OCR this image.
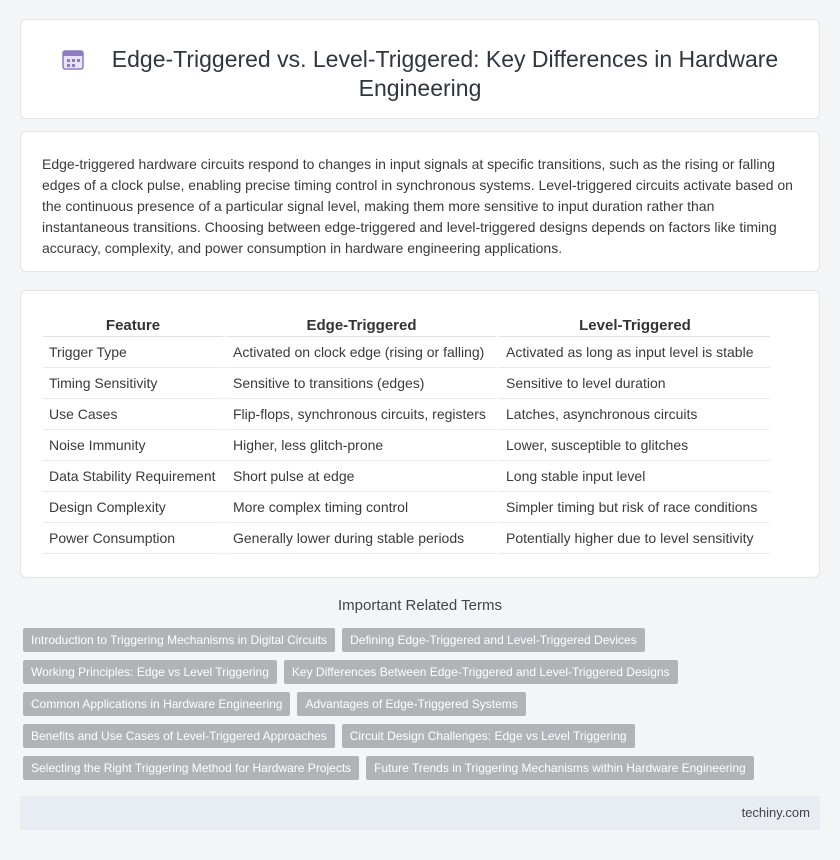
Edge-Triggered vs. Level-Triggered: Key Differences in Hardware Engineering

Edge-triggered hardware circuits respond to changes in input signals at specific transitions, such as the rising or falling edges of a clock pulse, enabling precise timing control in synchronous systems. Level-triggered circuits activate based on the continuous presence of a particular signal level, making them more sensitive to input duration rather than instantaneous transitions. Choosing between edge-triggered and level-triggered designs depends on factors like timing accuracy, complexity, and power consumption in hardware engineering applications.

Feature	Edge-Triggered	Level-Triggered
Trigger Type	Activated on clock edge (rising or falling)	Activated as long as input level is stable
Timing Sensitivity	Sensitive to transitions (edges)	Sensitive to level duration
Use Cases	Flip-flops, synchronous circuits, registers	Latches, asynchronous circuits
Noise Immunity	Higher, less glitch-prone	Lower, susceptible to glitches
Data Stability Requirement	Short pulse at edge	Long stable input level
Design Complexity	More complex timing control	Simpler timing but risk of race conditions
Power Consumption	Generally lower during stable periods	Potentially higher due to level sensitivity
Important Related Terms
Introduction to Triggering Mechanisms in Digital Circuits	Defining Edge-Triggered and Level-Triggered Devices
Working Principles: Edge vs Level Triggering	Key Differences Between Edge-Triggered and Level-Triggered Designs
Common Applications in Hardware Engineering	Advantages of Edge-Triggered Systems
Benefits and Use Cases of Level-Triggered Approaches	Circuit Design Challenges: Edge vs Level Triggering
Selecting the Right Triggering Method for Hardware Projects	Future Trends in Triggering Mechanisms within Hardware Engineering
techiny.com
